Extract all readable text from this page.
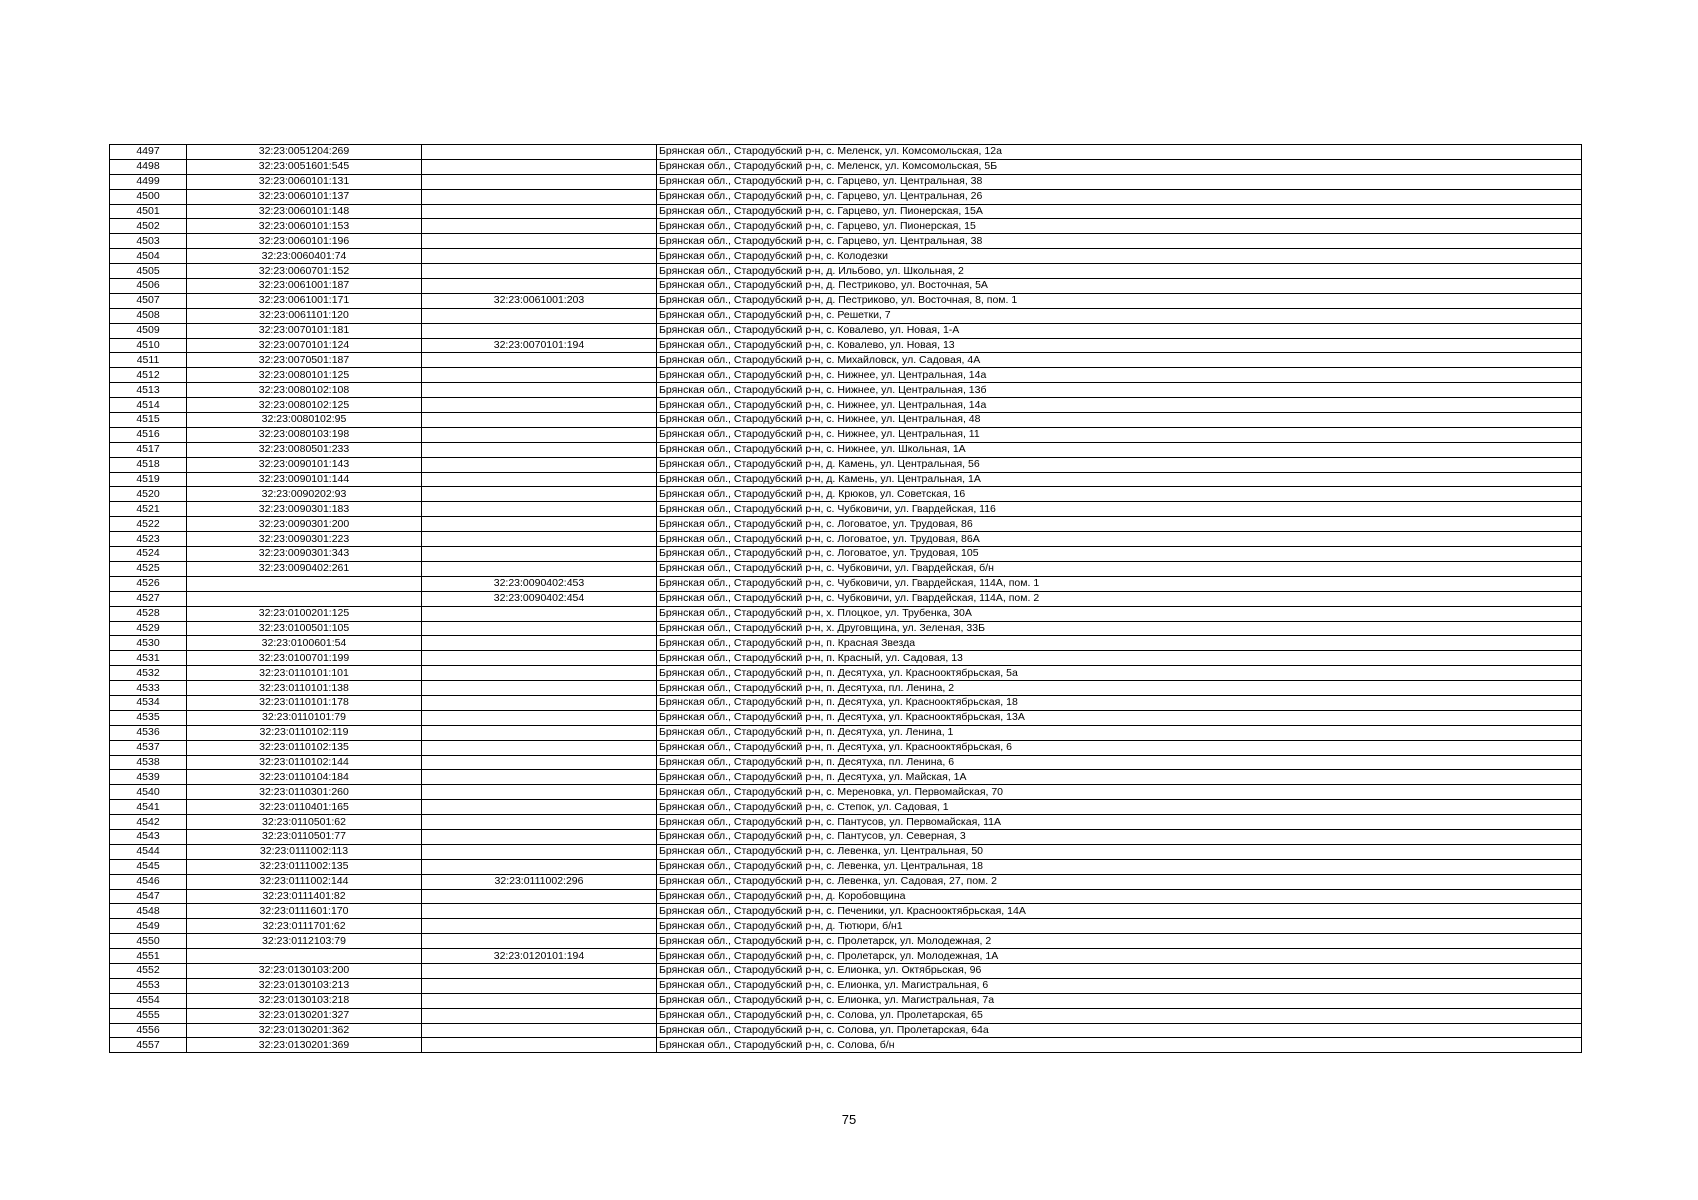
4497	32:23:0051204:269		Брянская обл., Стародубский р-н, с. Меленск, ул. Комсомольская, 12а
4498	32:23:0051601:545		Брянская обл., Стародубский р-н, с. Меленск, ул. Комсомольская, 5Б
4499	32:23:0060101:131		Брянская обл., Стародубский р-н, с. Гарцево, ул. Центральная, 38
4500	32:23:0060101:137		Брянская обл., Стародубский р-н, с. Гарцево, ул. Центральная, 26
4501	32:23:0060101:148		Брянская обл., Стародубский р-н, с. Гарцево, ул. Пионерская, 15А
4502	32:23:0060101:153		Брянская обл., Стародубский р-н, с. Гарцево, ул. Пионерская, 15
4503	32:23:0060101:196		Брянская обл., Стародубский р-н, с. Гарцево, ул. Центральная, 38
4504	32:23:0060401:74		Брянская обл., Стародубский р-н, с. Колодезки
4505	32:23:0060701:152		Брянская обл., Стародубский р-н, д. Ильбово, ул. Школьная, 2
4506	32:23:0061001:187		Брянская обл., Стародубский р-н, д. Пестриково, ул. Восточная, 5А
4507	32:23:0061001:171	32:23:0061001:203	Брянская обл., Стародубский р-н, д. Пестриково, ул. Восточная, 8, пом. 1
4508	32:23:0061101:120		Брянская обл., Стародубский р-н, с. Решетки, 7
4509	32:23:0070101:181		Брянская обл., Стародубский р-н, с. Ковалево, ул. Новая, 1-А
4510	32:23:0070101:124	32:23:0070101:194	Брянская обл., Стародубский р-н, с. Ковалево, ул. Новая, 13
4511	32:23:0070501:187		Брянская обл., Стародубский р-н, с. Михайловск, ул. Садовая, 4А
4512	32:23:0080101:125		Брянская обл., Стародубский р-н, с. Нижнее, ул. Центральная, 14а
4513	32:23:0080102:108		Брянская обл., Стародубский р-н, с. Нижнее, ул. Центральная, 13б
4514	32:23:0080102:125		Брянская обл., Стародубский р-н, с. Нижнее, ул. Центральная, 14а
4515	32:23:0080102:95		Брянская обл., Стародубский р-н, с. Нижнее, ул. Центральная, 48
4516	32:23:0080103:198		Брянская обл., Стародубский р-н, с. Нижнее, ул. Центральная, 11
4517	32:23:0080501:233		Брянская обл., Стародубский р-н, с. Нижнее, ул. Школьная, 1А
4518	32:23:0090101:143		Брянская обл., Стародубский р-н, д. Камень, ул. Центральная, 56
4519	32:23:0090101:144		Брянская обл., Стародубский р-н, д. Камень, ул. Центральная, 1А
4520	32:23:0090202:93		Брянская обл., Стародубский р-н, д. Крюков, ул. Советская, 16
4521	32:23:0090301:183		Брянская обл., Стародубский р-н, с. Чубковичи, ул. Гвардейская, 116
4522	32:23:0090301:200		Брянская обл., Стародубский р-н, с. Логоватое, ул. Трудовая, 86
4523	32:23:0090301:223		Брянская обл., Стародубский р-н, с. Логоватое, ул. Трудовая, 86А
4524	32:23:0090301:343		Брянская обл., Стародубский р-н, с. Логоватое, ул. Трудовая, 105
4525	32:23:0090402:261		Брянская обл., Стародубский р-н, с. Чубковичи, ул. Гвардейская, б/н
4526		32:23:0090402:453	Брянская обл., Стародубский р-н, с. Чубковичи, ул. Гвардейская, 114А, пом. 1
4527		32:23:0090402:454	Брянская обл., Стародубский р-н, с. Чубковичи, ул. Гвардейская, 114А, пом. 2
4528	32:23:0100201:125		Брянская обл., Стародубский р-н, х. Плоцкое, ул. Трубенка, 30А
4529	32:23:0100501:105		Брянская обл., Стародубский р-н, х. Друговщина, ул. Зеленая, 33Б
4530	32:23:0100601:54		Брянская обл., Стародубский р-н, п. Красная Звезда
4531	32:23:0100701:199		Брянская обл., Стародубский р-н, п. Красный, ул. Садовая, 13
4532	32:23:0110101:101		Брянская обл., Стародубский р-н, п. Десятуха, ул. Краснооктябрьская, 5а
4533	32:23:0110101:138		Брянская обл., Стародубский р-н, п. Десятуха, пл. Ленина, 2
4534	32:23:0110101:178		Брянская обл., Стародубский р-н, п. Десятуха, ул. Краснооктябрьская, 18
4535	32:23:0110101:79		Брянская обл., Стародубский р-н, п. Десятуха, ул. Краснооктябрьская, 13А
4536	32:23:0110102:119		Брянская обл., Стародубский р-н, п. Десятуха, ул. Ленина, 1
4537	32:23:0110102:135		Брянская обл., Стародубский р-н, п. Десятуха, ул. Краснооктябрьская, 6
4538	32:23:0110102:144		Брянская обл., Стародубский р-н, п. Десятуха, пл. Ленина, 6
4539	32:23:0110104:184		Брянская обл., Стародубский р-н, п. Десятуха, ул. Майская, 1А
4540	32:23:0110301:260		Брянская обл., Стародубский р-н, с. Мереновка, ул. Первомайская, 70
4541	32:23:0110401:165		Брянская обл., Стародубский р-н, с. Степок, ул. Садовая, 1
4542	32:23:0110501:62		Брянская обл., Стародубский р-н, с. Пантусов, ул. Первомайская, 11А
4543	32:23:0110501:77		Брянская обл., Стародубский р-н, с. Пантусов, ул. Северная, 3
4544	32:23:0111002:113		Брянская обл., Стародубский р-н, с. Левенка, ул. Центральная, 50
4545	32:23:0111002:135		Брянская обл., Стародубский р-н, с. Левенка, ул. Центральная, 18
4546	32:23:0111002:144	32:23:0111002:296	Брянская обл., Стародубский р-н, с. Левенка, ул. Садовая, 27, пом. 2
4547	32:23:0111401:82		Брянская обл., Стародубский р-н, д. Коробовщина
4548	32:23:0111601:170		Брянская обл., Стародубский р-н, с. Печеники, ул. Краснооктябрьская, 14А
4549	32:23:0111701:62		Брянская обл., Стародубский р-н, д. Тютюри, б/н1
4550	32:23:0112103:79		Брянская обл., Стародубский р-н, с. Пролетарск, ул. Молодежная, 2
4551		32:23:0120101:194	Брянская обл., Стародубский р-н, с. Пролетарск, ул. Молодежная, 1А
4552	32:23:0130103:200		Брянская обл., Стародубский р-н, с. Елионка, ул. Октябрьская, 96
4553	32:23:0130103:213		Брянская обл., Стародубский р-н, с. Елионка, ул. Магистральная, 6
4554	32:23:0130103:218		Брянская обл., Стародубский р-н, с. Елионка, ул. Магистральная, 7а
4555	32:23:0130201:327		Брянская обл., Стародубский р-н, с. Солова, ул. Пролетарская, 65
4556	32:23:0130201:362		Брянская обл., Стародубский р-н, с. Солова, ул. Пролетарская, 64а
4557	32:23:0130201:369		Брянская обл., Стародубский р-н, с. Солова, б/н
75
